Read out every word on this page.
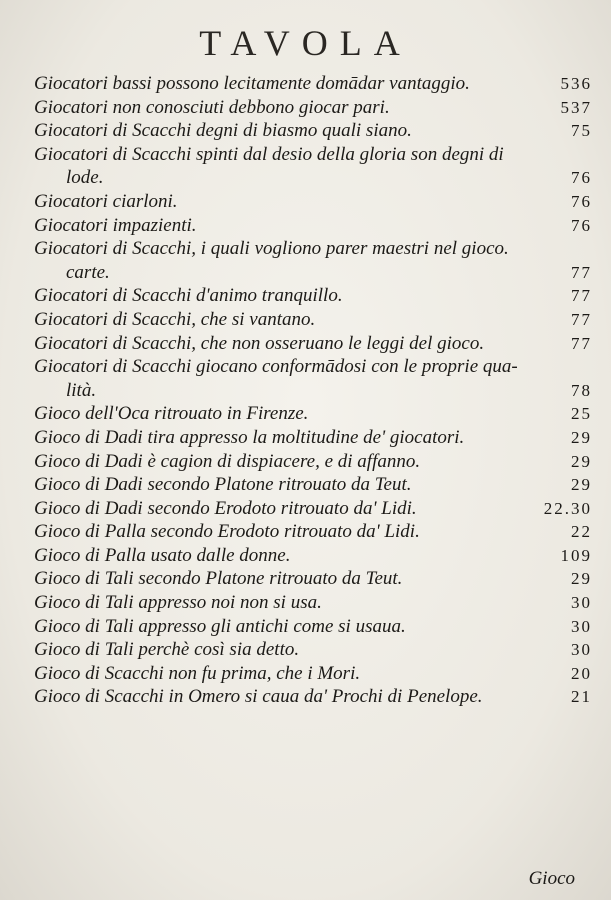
TAVOLA
Giocatori bassi possono lecitamente domādar vantaggio.	536
Giocatori non conosciuti debbono giocar pari.	537
Giocatori di Scacchi degni di biasmo quali siano.	75
Giocatori di Scacchi spinti dal desio della gloria son degni di
lode.	76
Giocatori ciarloni.	76
Giocatori impazienti.	76
Giocatori di Scacchi, i quali vogliono parer maestri nel gioco.
carte.	77
Giocatori di Scacchi d'animo tranquillo.	77
Giocatori di Scacchi, che si vantano.	77
Giocatori di Scacchi, che non osseruano le leggi del gioco.	77
Giocatori di Scacchi giocano conformādosi con le proprie qua-
lità.	78
Gioco dell'Oca ritrouato in Firenze.	25
Gioco di Dadi tira appresso la moltitudine de' giocatori.	29
Gioco di Dadi è cagion di dispiacere, e di affanno.	29
Gioco di Dadi secondo Platone ritrouato da Teut.	29
Gioco di Dadi secondo Erodoto ritrouato da' Lidi.	22.30
Gioco di Palla secondo Erodoto ritrouato da' Lidi.	22
Gioco di Palla usato dalle donne.	109
Gioco di Tali secondo Platone ritrouato da Teut.	29
Gioco di Tali appresso noi non si usa.	30
Gioco di Tali appresso gli antichi come si usaua.	30
Gioco di Tali perchè così sia detto.	30
Gioco di Scacchi non fu prima, che i Mori.	20
Gioco di Scacchi in Omero si caua da' Prochi di Penelope.	21
Gioco
